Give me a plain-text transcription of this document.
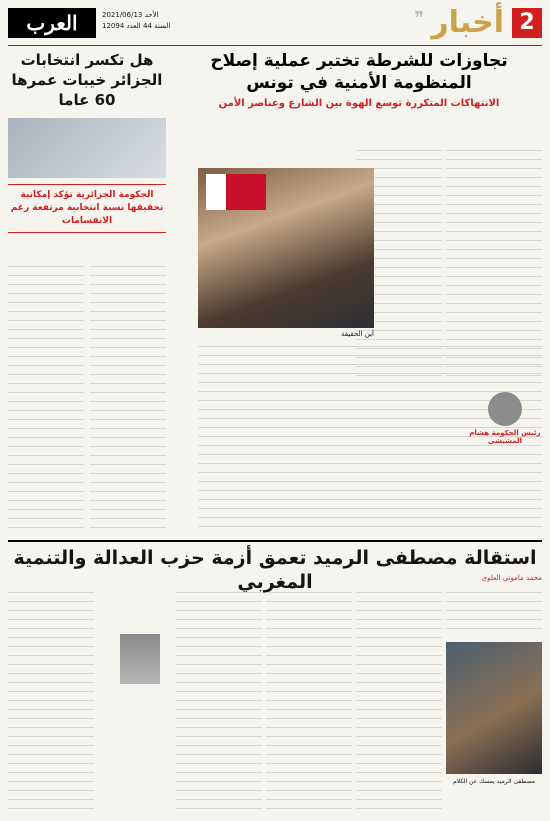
2
أخبار
❞
العرب	الأحد 2021/06/13
السنة 44 العدد 12094
تجاوزات للشرطة تختبر عملية إصلاح المنظومة الأمنية في تونس
الانتهاكات المتكررة توسع الهوة بين الشارع وعناصر الأمن
هل تكسر انتخابات الجزائر خيبات عمرها 60 عاما
الحكومة الجزائرية تؤكد إمكانية تحقيقها نسبة انتخابية مرتفعة رغم الانقسامات
أين الحقيقة
رئيس الحكومة هشام المشيشي
استقالة مصطفى الرميد تعمق أزمة حزب العدالة والتنمية المغربي	محمد ماموني العلوي
مصطفى الرميد يمسك عن الكلام
